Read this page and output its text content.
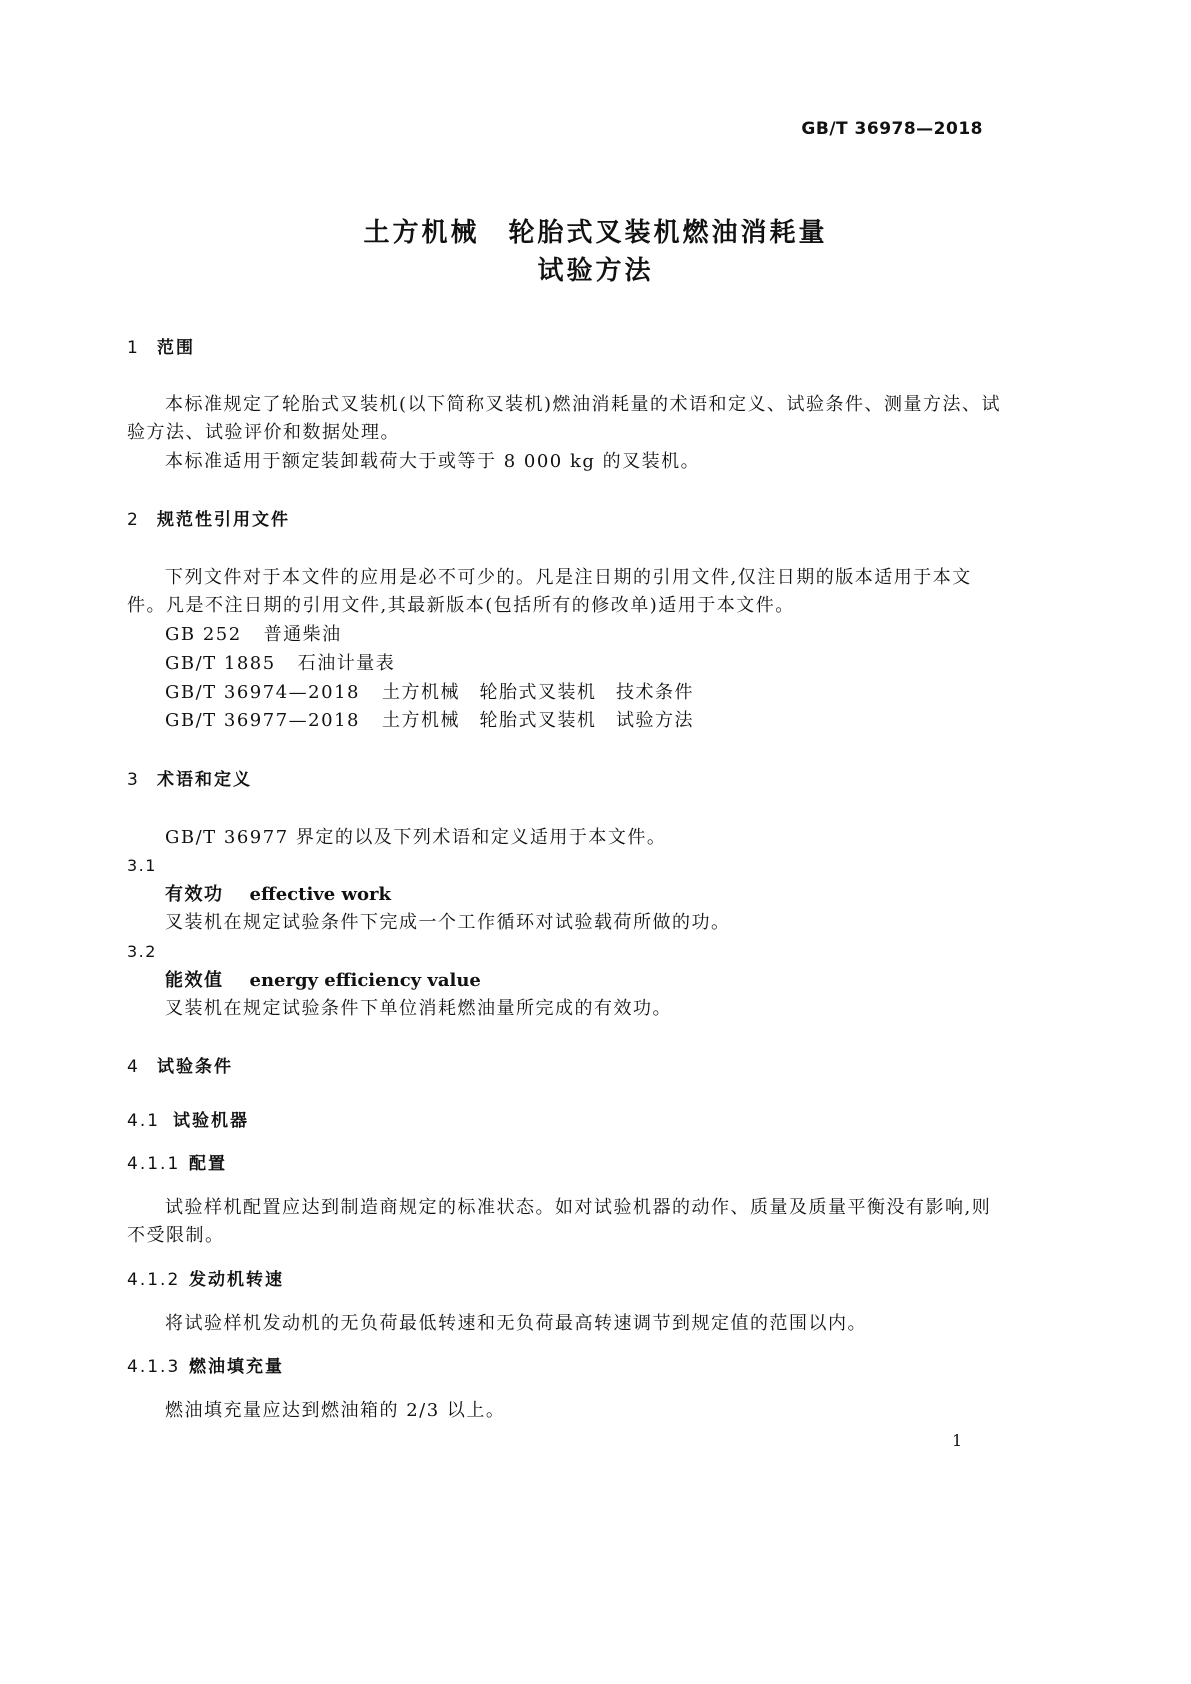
GB/T 36978—2018
土方机械　轮胎式叉装机燃油消耗量
试验方法
1 范围
本标准规定了轮胎式叉装机(以下简称叉装机)燃油消耗量的术语和定义、试验条件、测量方法、试
验方法、试验评价和数据处理。
本标准适用于额定装卸载荷大于或等于 8 000 kg 的叉装机。
2 规范性引用文件
下列文件对于本文件的应用是必不可少的。凡是注日期的引用文件,仅注日期的版本适用于本文
件。凡是不注日期的引用文件,其最新版本(包括所有的修改单)适用于本文件。
GB 252 普通柴油
GB/T 1885 石油计量表
GB/T 36974—2018 土方机械　轮胎式叉装机　技术条件
GB/T 36977—2018 土方机械　轮胎式叉装机　试验方法
3 术语和定义
GB/T 36977 界定的以及下列术语和定义适用于本文件。
3.1
有效功 effective work
叉装机在规定试验条件下完成一个工作循环对试验载荷所做的功。
3.2
能效值 energy efficiency value
叉装机在规定试验条件下单位消耗燃油量所完成的有效功。
4 试验条件
4.1 试验机器
4.1.1 配置
试验样机配置应达到制造商规定的标准状态。如对试验机器的动作、质量及质量平衡没有影响,则
不受限制。
4.1.2 发动机转速
将试验样机发动机的无负荷最低转速和无负荷最高转速调节到规定值的范围以内。
4.1.3 燃油填充量
燃油填充量应达到燃油箱的 2/3 以上。
1
